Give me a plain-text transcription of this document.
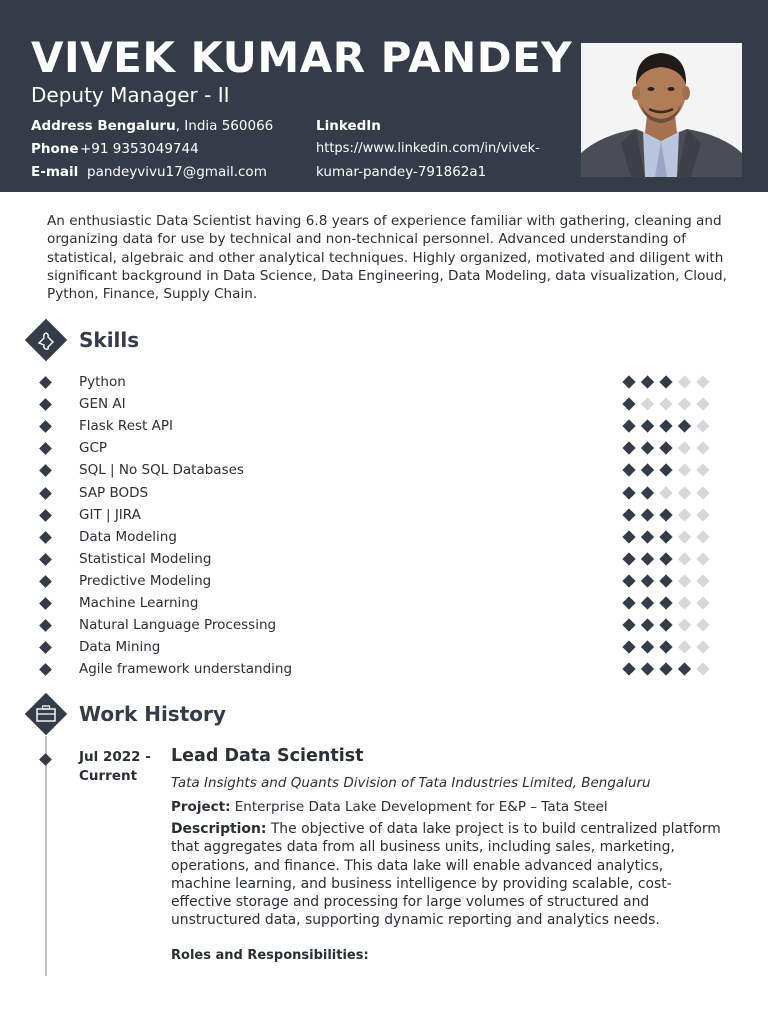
VIVEK KUMAR PANDEY
Deputy Manager - II
Address Bengaluru, India 560066
Phone+91 9353049744
E-mail pandeyvivu17@gmail.com
LinkedIn
https://www.linkedin.com/in/vivek-
kumar-pandey-791862a1
An enthusiastic Data Scientist having 6.8 years of experience familiar with gathering, cleaning and organizing data for use by technical and non-technical personnel. Advanced understanding of statistical, algebraic and other analytical techniques. Highly organized, motivated and diligent with significant background in Data Science, Data Engineering, Data Modeling, data visualization, Cloud, Python, Finance, Supply Chain.
Skills
Python
GEN AI
Flask Rest API
GCP
SQL | No SQL Databases
SAP BODS
GIT | JIRA
Data Modeling
Statistical Modeling
Predictive Modeling
Machine Learning
Natural Language Processing
Data Mining
Agile framework understanding
Work History
Jul 2022 -
Current
Lead Data Scientist
Tata Insights and Quants Division of Tata Industries Limited, Bengaluru
Project: Enterprise Data Lake Development for E&P – Tata Steel
Description: The objective of data lake project is to build centralized platform that aggregates data from all business units, including sales, marketing, operations, and finance. This data lake will enable advanced analytics, machine learning, and business intelligence by providing scalable, cost-effective storage and processing for large volumes of structured and unstructured data, supporting dynamic reporting and analytics needs.
Roles and Responsibilities:
